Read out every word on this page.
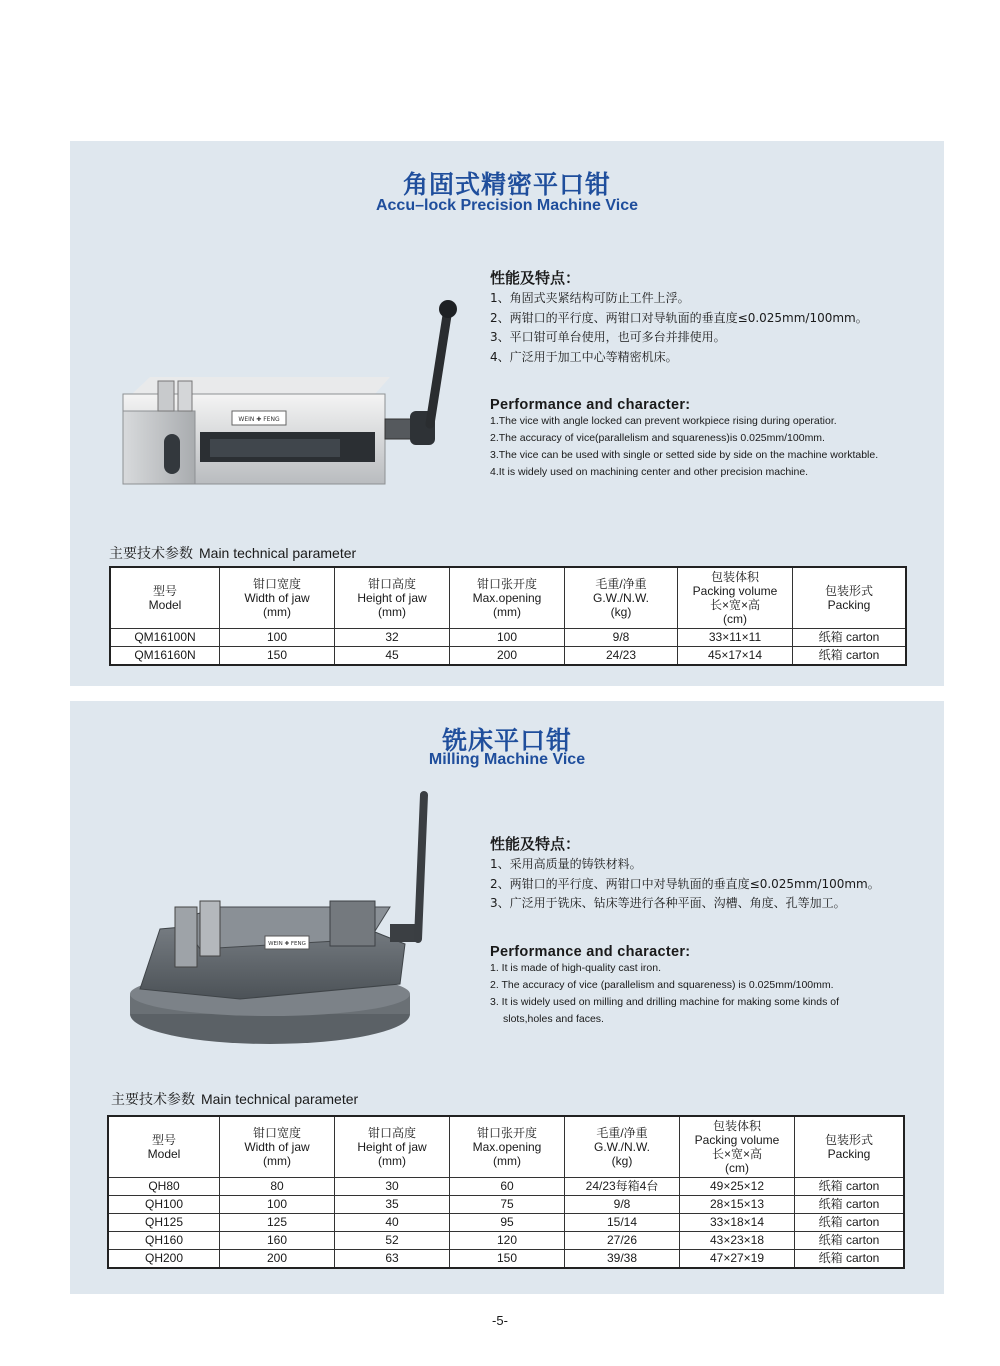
角固式精密平口钳
Accu–lock Precision Machine Vice
WEIN ✚ FENG
性能及特点：
1、角固式夹紧结构可防止工件上浮。
2、两钳口的平行度、两钳口对导轨面的垂直度≤0.025mm/100mm。
3、平口钳可单台使用，也可多台并排使用。
4、广泛用于加工中心等精密机床。
Performance and character:
1.The vice with angle locked can prevent workpiece rising during operatior.
2.The accuracy of vice(parallelism and squareness)is 0.025mm/100mm.
3.The vice can be used with single or setted side by side on the machine worktable.
4.It is widely used on machining center and other precision machine.
主要技术参数 Main technical parameter
型号
Model	钳口宽度
Width of jaw
(mm)	钳口高度
Height of jaw
(mm)	钳口张开度
Max.opening
(mm)	毛重/净重
G.W./N.W.
(kg)	包装体积
Packing volume
长×宽×高
(cm)	包装形式
Packing

QM16100N	100	32	100	9/8	33×11×11	纸箱 carton
QM16160N	150	45	200	24/23	45×17×14	纸箱 carton
铣床平口钳
Milling Machine Vice
WEIN ✚ FENG
性能及特点：
1、采用高质量的铸铁材料。
2、两钳口的平行度、两钳口中对导轨面的垂直度≤0.025mm/100mm。
3、广泛用于铣床、钻床等进行各种平面、沟槽、角度、孔等加工。
Performance and character:
1. It is made of high-quality cast iron.
2. The accuracy of vice (parallelism and squareness) is 0.025mm/100mm.
3. It is widely used on milling and drilling machine for making some kinds of
slots,holes and faces.
主要技术参数 Main technical parameter
型号
Model	钳口宽度
Width of jaw
(mm)	钳口高度
Height of jaw
(mm)	钳口张开度
Max.opening
(mm)	毛重/净重
G.W./N.W.
(kg)	包装体积
Packing volume
长×宽×高
(cm)	包装形式
Packing

QH80	80	30	60	24/23每箱4台	49×25×12	纸箱 carton
QH100	100	35	75	9/8	28×15×13	纸箱 carton
QH125	125	40	95	15/14	33×18×14	纸箱 carton
QH160	160	52	120	27/26	43×23×18	纸箱 carton
QH200	200	63	150	39/38	47×27×19	纸箱 carton
-5-
